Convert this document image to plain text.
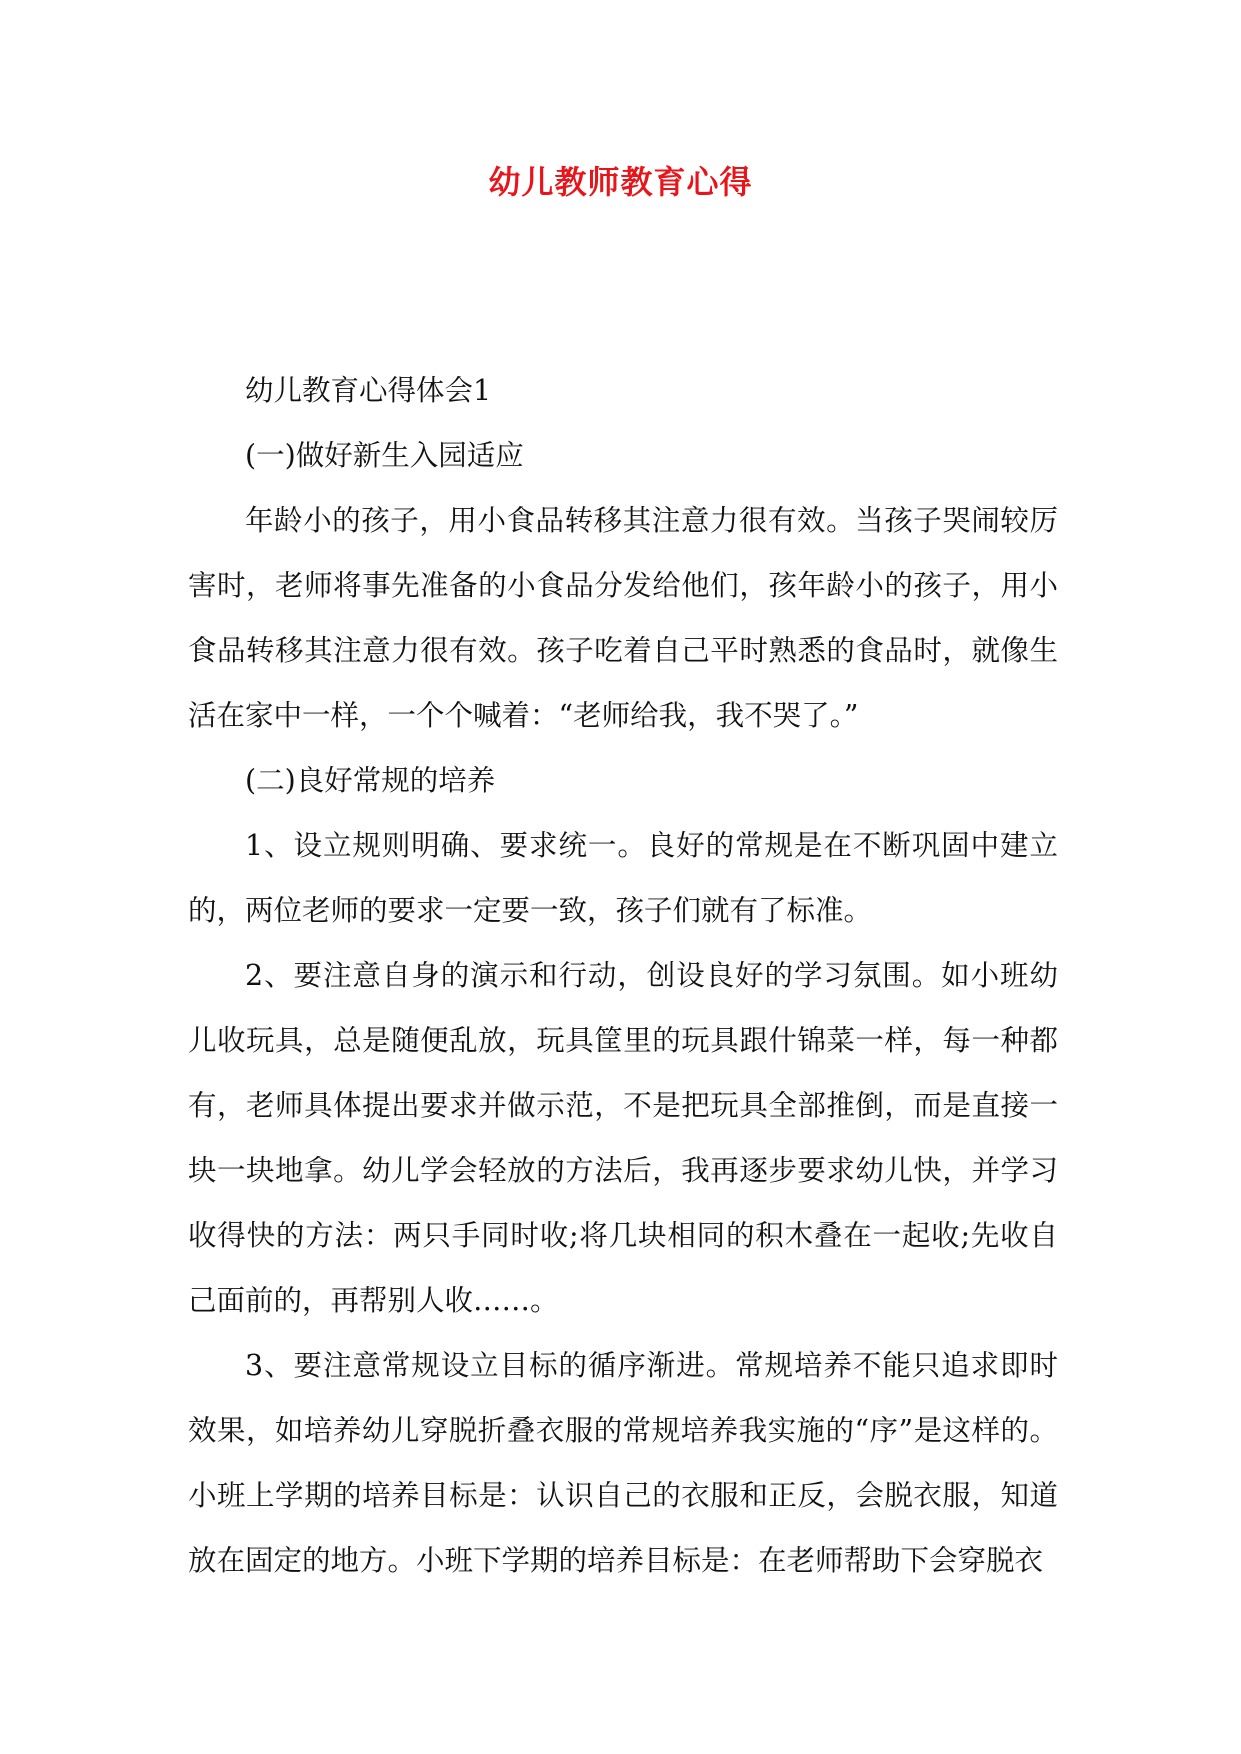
幼儿教师教育心得

幼儿教育心得体会1

(一)做好新生入园适应

年龄小的孩子，用小食品转移其注意力很有效。当孩子哭闹较厉害时，老师将事先准备的小食品分发给他们，孩年龄小的孩子，用小食品转移其注意力很有效。孩子吃着自己平时熟悉的食品时，就像生活在家中一样，一个个喊着：“老师给我，我不哭了。”

(二)良好常规的培养

1、设立规则明确、要求统一。良好的常规是在不断巩固中建立的，两位老师的要求一定要一致，孩子们就有了标准。

2、要注意自身的演示和行动，创设良好的学习氛围。如小班幼儿收玩具，总是随便乱放，玩具筐里的玩具跟什锦菜一样，每一种都有，老师具体提出要求并做示范，不是把玩具全部推倒，而是直接一块一块地拿。幼儿学会轻放的方法后，我再逐步要求幼儿快，并学习收得快的方法：两只手同时收;将几块相同的积木叠在一起收;先收自己面前的，再帮别人收……。

3、要注意常规设立目标的循序渐进。常规培养不能只追求即时效果，如培养幼儿穿脱折叠衣服的常规培养我实施的“序”是这样的。小班上学期的培养目标是：认识自己的衣服和正反，会脱衣服，知道放在固定的地方。小班下学期的培养目标是：在老师帮助下会穿脱衣
